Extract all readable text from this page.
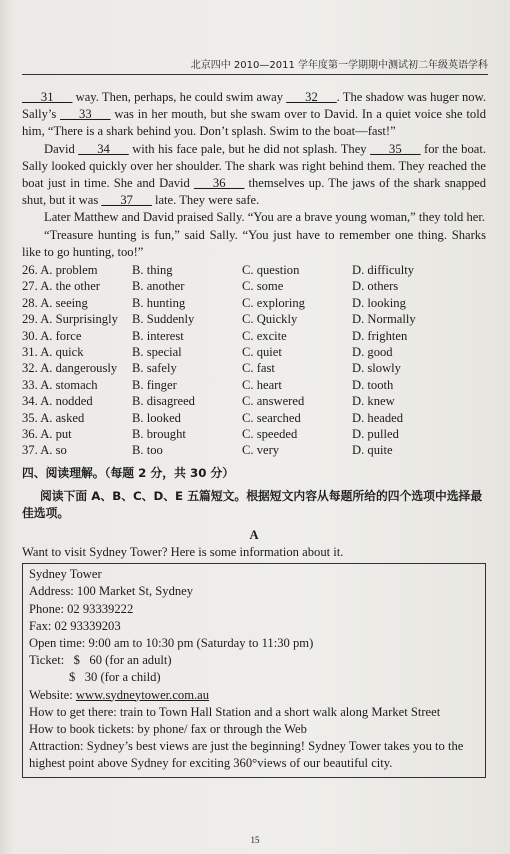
北京四中 2010—2011 学年度第一学期期中测试初二年级英语学科

___31___ way. Then, perhaps, he could swim away ___32___. The shadow was huger now. Sally’s ___33___ was in her mouth, but she swam over to David. In a quiet voice she told him, “There is a shark behind you. Don’t splash. Swim to the boat—fast!”

David ___34___ with his face pale, but he did not splash. They ___35___ for the boat. Sally looked quickly over her shoulder. The shark was right behind them. They reached the boat just in time. She and David ___36___ themselves up. The jaws of the shark snapped shut, but it was ___37___ late. They were safe.

Later Matthew and David praised Sally. “You are a brave young woman,” they told her.

“Treasure hunting is fun,” said Sally. “You just have to remember one thing. Sharks like to go hunting, too!”

26. A. problem	B. thing	C. question	D. difficulty
27. A. the other	B. another	C. some	D. others
28. A. seeing	B. hunting	C. exploring	D. looking
29. A. Surprisingly	B. Suddenly	C. Quickly	D. Normally
30. A. force	B. interest	C. excite	D. frighten
31. A. quick	B. special	C. quiet	D. good
32. A. dangerously	B. safely	C. fast	D. slowly
33. A. stomach	B. finger	C. heart	D. tooth
34. A. nodded	B. disagreed	C. answered	D. knew
35. A. asked	B. looked	C. searched	D. headed
36. A. put	B. brought	C. speeded	D. pulled
37. A. so	B. too	C. very	D. quite
四、阅读理解。（每题 2 分，共 30 分）
阅读下面 A、B、C、D、E 五篇短文。根据短文内容从每题所给的四个选项中选择最佳选项。
A

Want to visit Sydney Tower? Here is some information about it.

Sydney Tower
Address: 100 Market St, Sydney
Phone: 02 93339222
Fax: 02 93339203
Open time: 9:00 am to 10:30 pm (Saturday to 11:30 pm)
Ticket:   $   60 (for an adult)
$   30 (for a child)
Website: www.sydneytower.com.au
How to get there: train to Town Hall Station and a short walk along Market Street
How to book tickets: by phone/ fax or through the Web
Attraction: Sydney’s best views are just the beginning! Sydney Tower takes you to the highest point above Sydney for exciting 360°views of our beautiful city.
15
